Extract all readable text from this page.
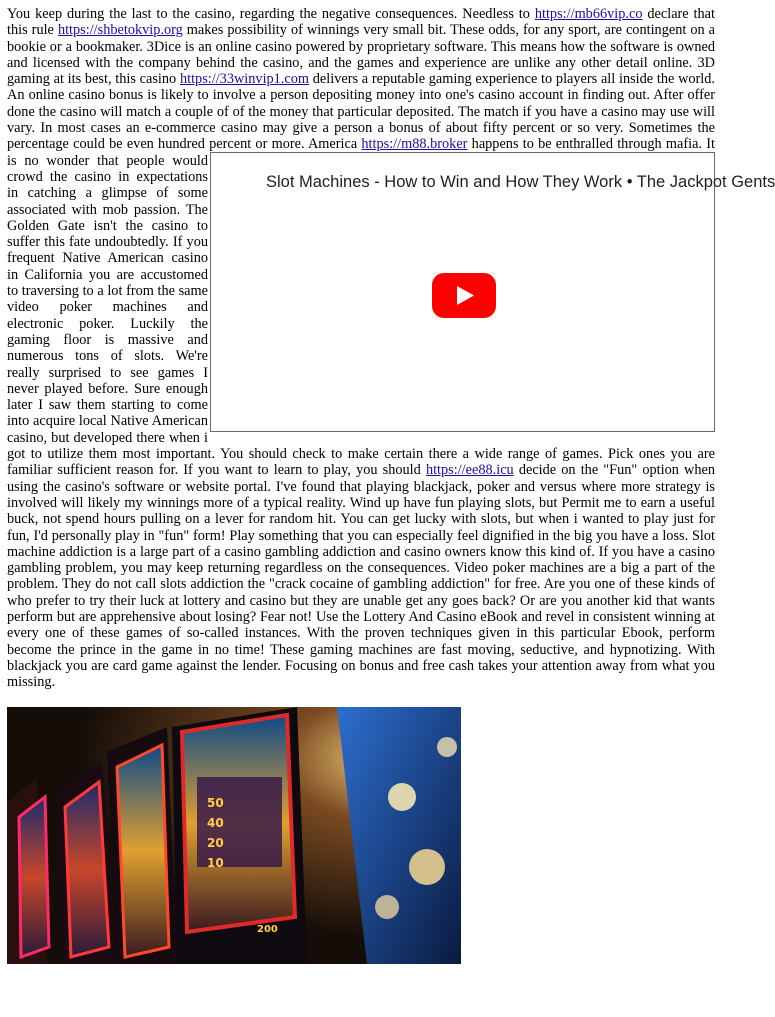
You keep during the last to the casino, regarding the negative consequences. Needless to https://mb66vip.co declare that this rule https://shbetokvip.org makes possibility of winnings very small bit. These odds, for any sport, are contingent on a bookie or a bookmaker. 3Dice is an online casino powered by proprietary software. This means how the software is owned and licensed with the company behind the casino, and the games and experience are unlike any other detail online. 3D gaming at its best, this casino https://33winvip1.com delivers a reputable gaming experience to players all inside the world. An online casino bonus is likely to involve a person depositing money into one's casino account in finding out. After offer done the casino will match a couple of of the money that particular deposited. The match if you have a casino may use will vary. In most cases an e-commerce casino may give a person a bonus of about fifty percent or so very. Sometimes the percentage could be even hundred percent or more. America
Slot Machines - How to Win and How They Work • The Jackpot Gents
https://m88.broker happens to be enthralled through mafia. It is no wonder that people would crowd the casino in expectations in catching a glimpse of some associated with mob passion. The Golden Gate isn't the casino to suffer this fate undoubtedly. If you frequent Native American casino in California you are accustomed to traversing to a lot from the same video poker machines and electronic poker. Luckily the gaming floor is massive and numerous tons of slots. We're really surprised to see games I never played before. Sure enough later I saw them starting to come into acquire local Native American casino, but developed there when i got to utilize them most important. You should check to make certain there a wide range of games. Pick ones you are familiar sufficient reason for. If you want to learn to play, you should https://ee88.icu decide on the "Fun" option when using the casino's software or website portal. I've found that playing blackjack, poker and versus where more strategy is involved will likely my winnings more of a typical reality. Wind up have fun playing slots, but Permit me to earn a useful buck, not spend hours pulling on a lever for random hit. You can get lucky with slots, but when i wanted to play just for fun, I'd personally play in "fun" form! Play something that you can especially feel dignified in the big you have a loss. Slot machine addiction is a large part of a casino gambling addiction and casino owners know this kind of. If you have a casino gambling problem, you may keep returning regardless on the consequences. Video poker machines are a big a part of the problem. They do not call slots addiction the "crack cocaine of gambling addiction" for free. Are you one of these kinds of who prefer to try their luck at lottery and casino but they are unable get any goes back? Or are you another kid that wants perform but are apprehensive about losing? Fear not! Use the Lottery And Casino eBook and revel in consistent winning at every one of these games of so-called instances. With the proven techniques given in this particular Ebook, perform become the prince in the game in no time! These gaming machines are fast moving, seductive, and hypnotizing. With blackjack you are card game against the lender. Focusing on bonus and free cash takes your attention away from what you missing.

50
40
20
10
200
